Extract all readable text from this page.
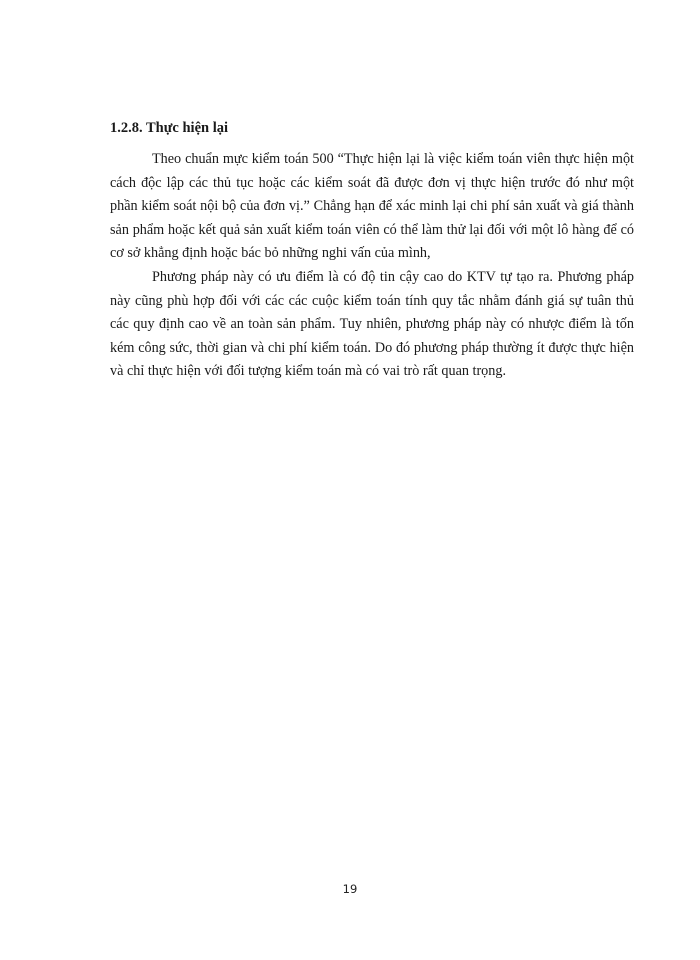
1.2.8. Thực hiện lại

Theo chuẩn mực kiểm toán 500 “Thực hiện lại là việc kiểm toán viên thực hiện một cách độc lập các thủ tục hoặc các kiểm soát đã được đơn vị thực hiện trước đó như một phần kiểm soát nội bộ của đơn vị.” Chẳng hạn để xác minh lại chi phí sản xuất và giá thành sản phẩm hoặc kết quả sản xuất kiểm toán viên có thể làm thử lại đối với một lô hàng để có cơ sở khẳng định hoặc bác bỏ những nghi vấn của mình,

Phương pháp này có ưu điểm là có độ tin cậy cao do KTV tự tạo ra. Phương pháp này cũng phù hợp đối với các các cuộc kiểm toán tính quy tắc nhằm đánh giá sự tuân thủ các quy định cao về an toàn sản phẩm. Tuy nhiên, phương pháp này có nhược điểm là tốn kém công sức, thời gian và chi phí kiểm toán. Do đó phương pháp thường ít được thực hiện và chỉ thực hiện với đối tượng kiểm toán mà có vai trò rất quan trọng.

19
